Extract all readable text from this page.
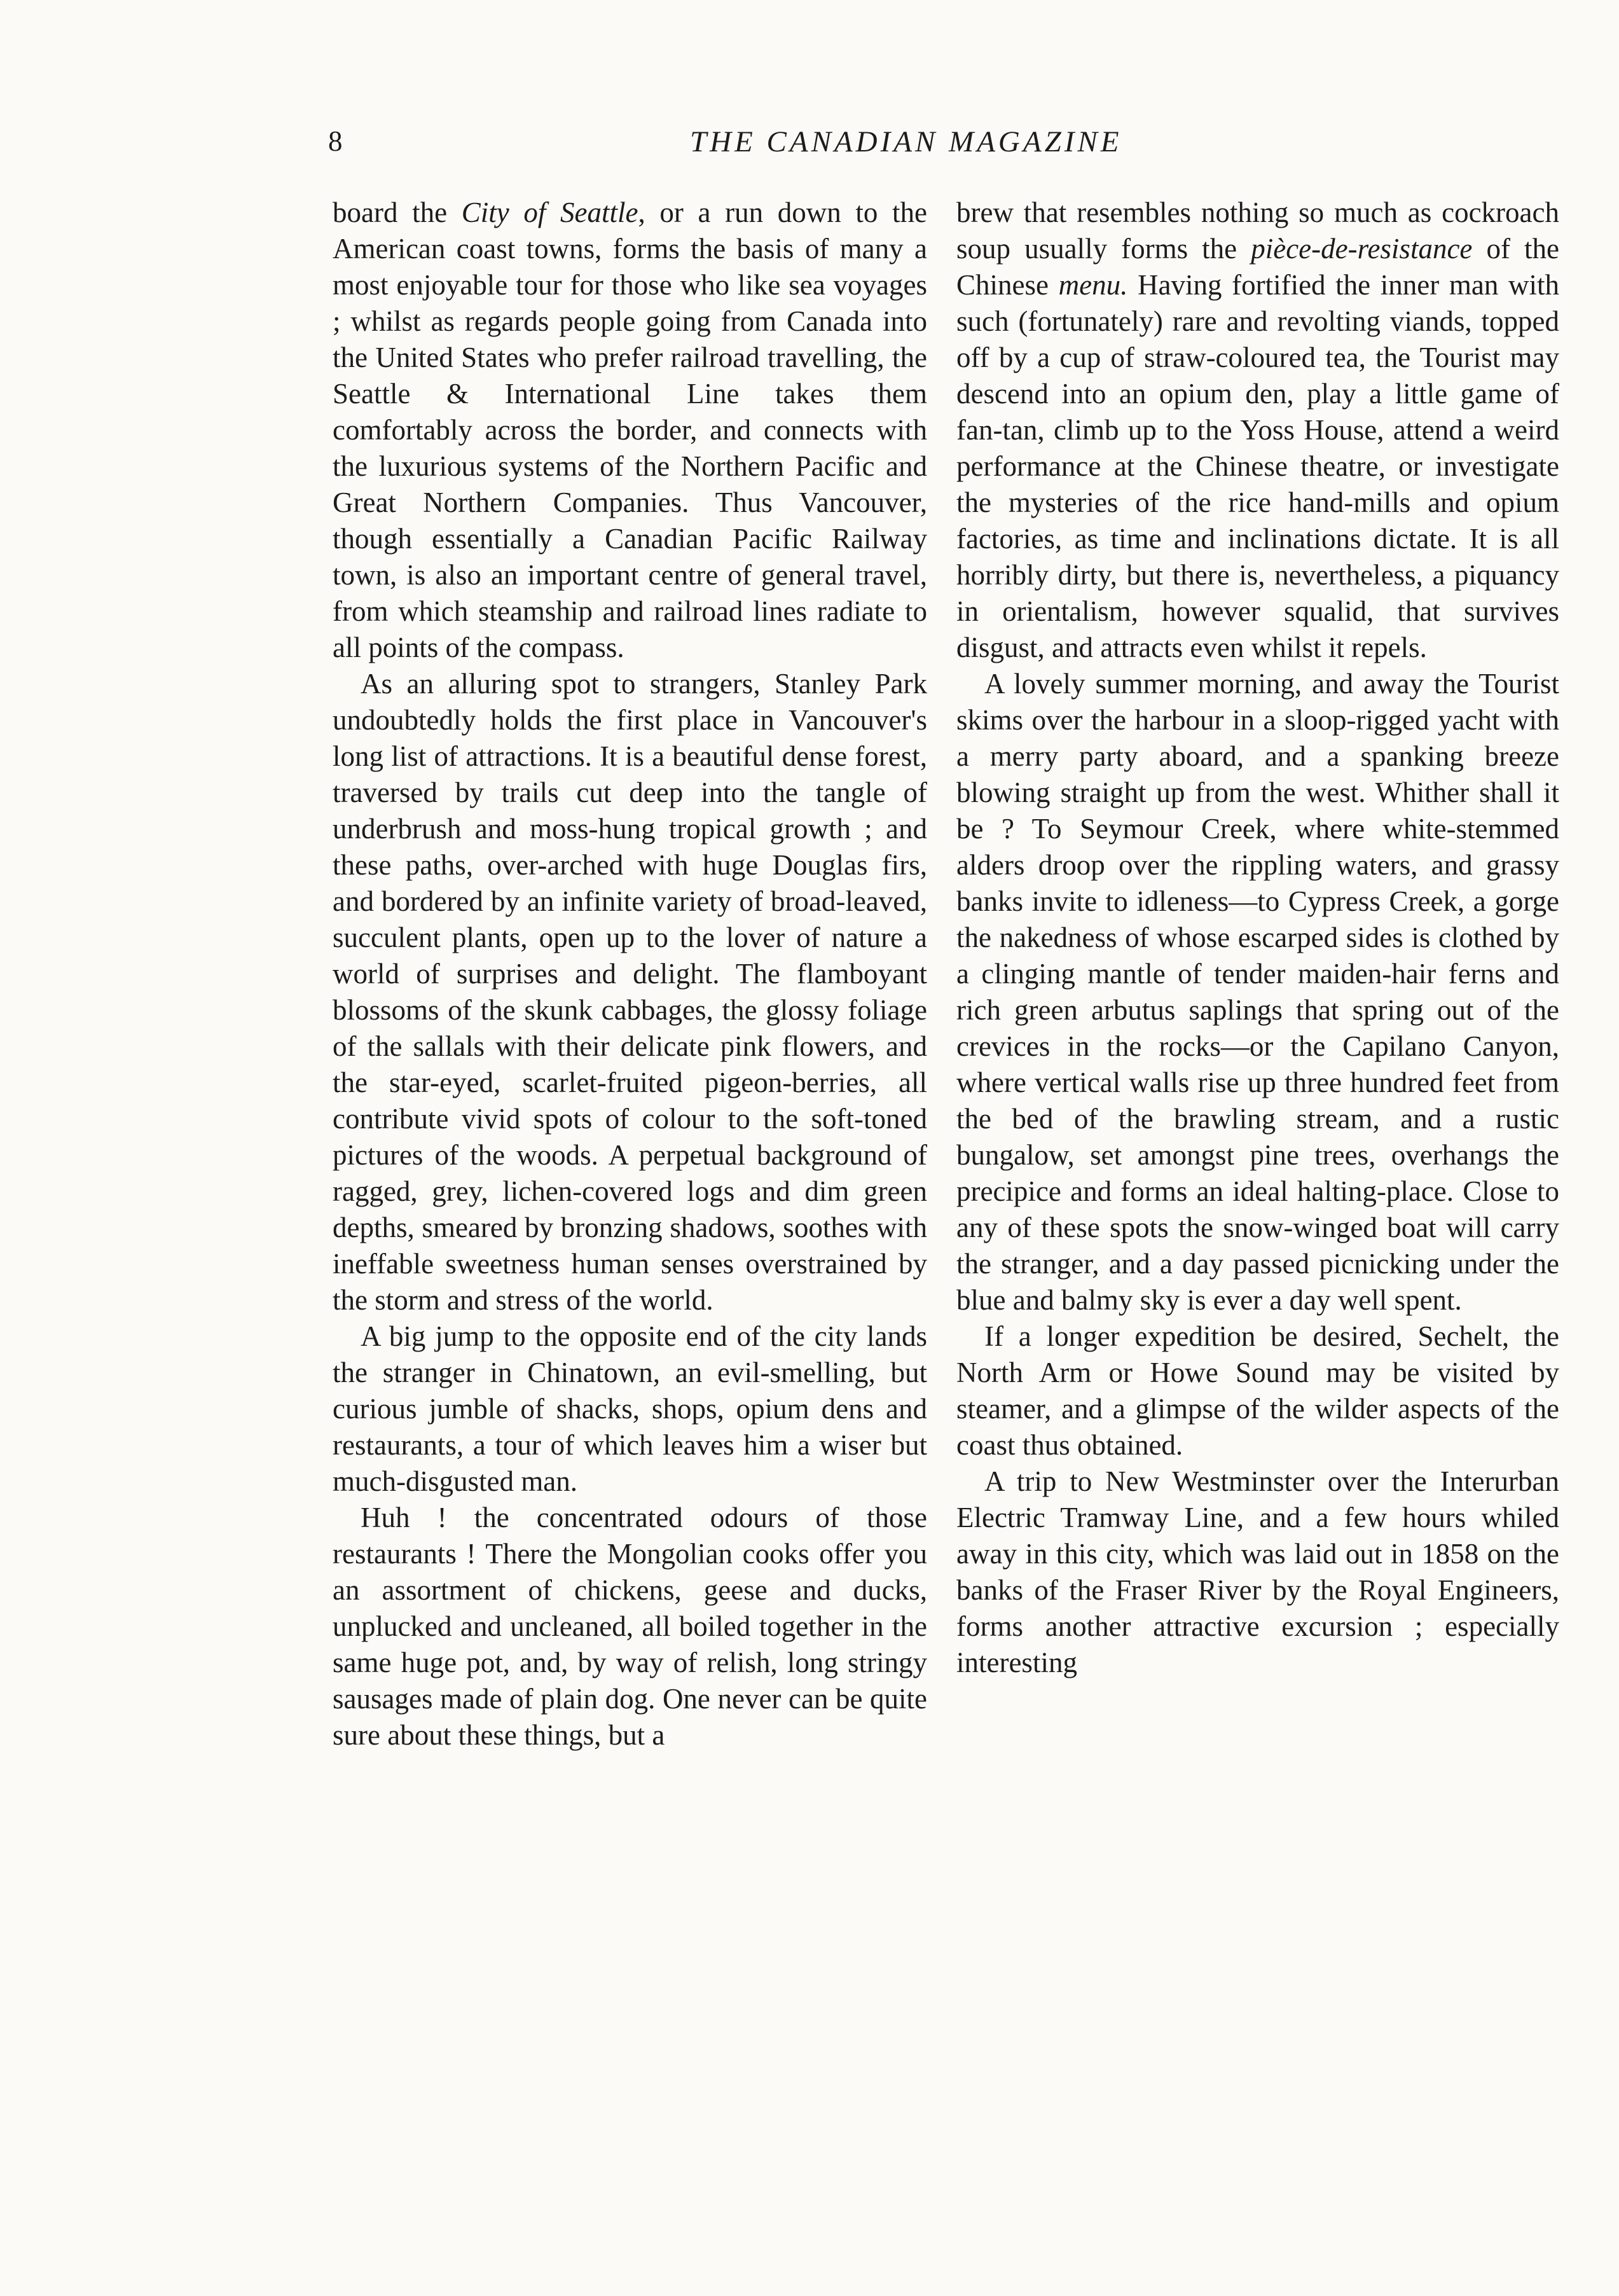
8	THE CANADIAN MAGAZINE

board the City of Seattle, or a run down to the American coast towns, forms the basis of many a most enjoyable tour for those who like sea voyages ; whilst as regards people going from Canada into the United States who prefer railroad travelling, the Seattle & International Line takes them comfortably across the border, and connects with the luxurious systems of the Northern Pacific and Great Northern Companies. Thus Vancouver, though essentially a Canadian Pacific Railway town, is also an important centre of general travel, from which steamship and railroad lines radiate to all points of the compass.

As an alluring spot to strangers, Stanley Park undoubtedly holds the first place in Vancouver's long list of attractions. It is a beautiful dense forest, traversed by trails cut deep into the tangle of underbrush and moss-hung tropical growth ; and these paths, over-arched with huge Douglas firs, and bordered by an infinite variety of broad-leaved, succulent plants, open up to the lover of nature a world of surprises and delight. The flamboyant blossoms of the skunk cabbages, the glossy foliage of the sallals with their delicate pink flowers, and the star-eyed, scarlet-fruited pigeon-berries, all contribute vivid spots of colour to the soft-toned pictures of the woods. A perpetual background of ragged, grey, lichen-covered logs and dim green depths, smeared by bronzing shadows, soothes with ineffable sweetness human senses overstrained by the storm and stress of the world.

A big jump to the opposite end of the city lands the stranger in Chinatown, an evil-smelling, but curious jumble of shacks, shops, opium dens and restaurants, a tour of which leaves him a wiser but much-disgusted man.

Huh ! the concentrated odours of those restaurants ! There the Mongolian cooks offer you an assortment of chickens, geese and ducks, unplucked and uncleaned, all boiled together in the same huge pot, and, by way of relish, long stringy sausages made of plain dog. One never can be quite sure about these things, but a

brew that resembles nothing so much as cockroach soup usually forms the pièce-de-resistance of the Chinese menu. Having fortified the inner man with such (fortunately) rare and revolting viands, topped off by a cup of straw-coloured tea, the Tourist may descend into an opium den, play a little game of fan-tan, climb up to the Yoss House, attend a weird performance at the Chinese theatre, or investigate the mysteries of the rice hand-mills and opium factories, as time and inclinations dictate. It is all horribly dirty, but there is, nevertheless, a piquancy in orientalism, however squalid, that survives disgust, and attracts even whilst it repels.

A lovely summer morning, and away the Tourist skims over the harbour in a sloop-rigged yacht with a merry party aboard, and a spanking breeze blowing straight up from the west. Whither shall it be ? To Seymour Creek, where white-stemmed alders droop over the rippling waters, and grassy banks invite to idleness—to Cypress Creek, a gorge the nakedness of whose escarped sides is clothed by a clinging mantle of tender maiden-hair ferns and rich green arbutus saplings that spring out of the crevices in the rocks—or the Capilano Canyon, where vertical walls rise up three hundred feet from the bed of the brawling stream, and a rustic bungalow, set amongst pine trees, overhangs the precipice and forms an ideal halting-place. Close to any of these spots the snow-winged boat will carry the stranger, and a day passed picnicking under the blue and balmy sky is ever a day well spent.

If a longer expedition be desired, Sechelt, the North Arm or Howe Sound may be visited by steamer, and a glimpse of the wilder aspects of the coast thus obtained.

A trip to New Westminster over the Interurban Electric Tramway Line, and a few hours whiled away in this city, which was laid out in 1858 on the banks of the Fraser River by the Royal Engineers, forms another attractive excursion ; especially interesting
